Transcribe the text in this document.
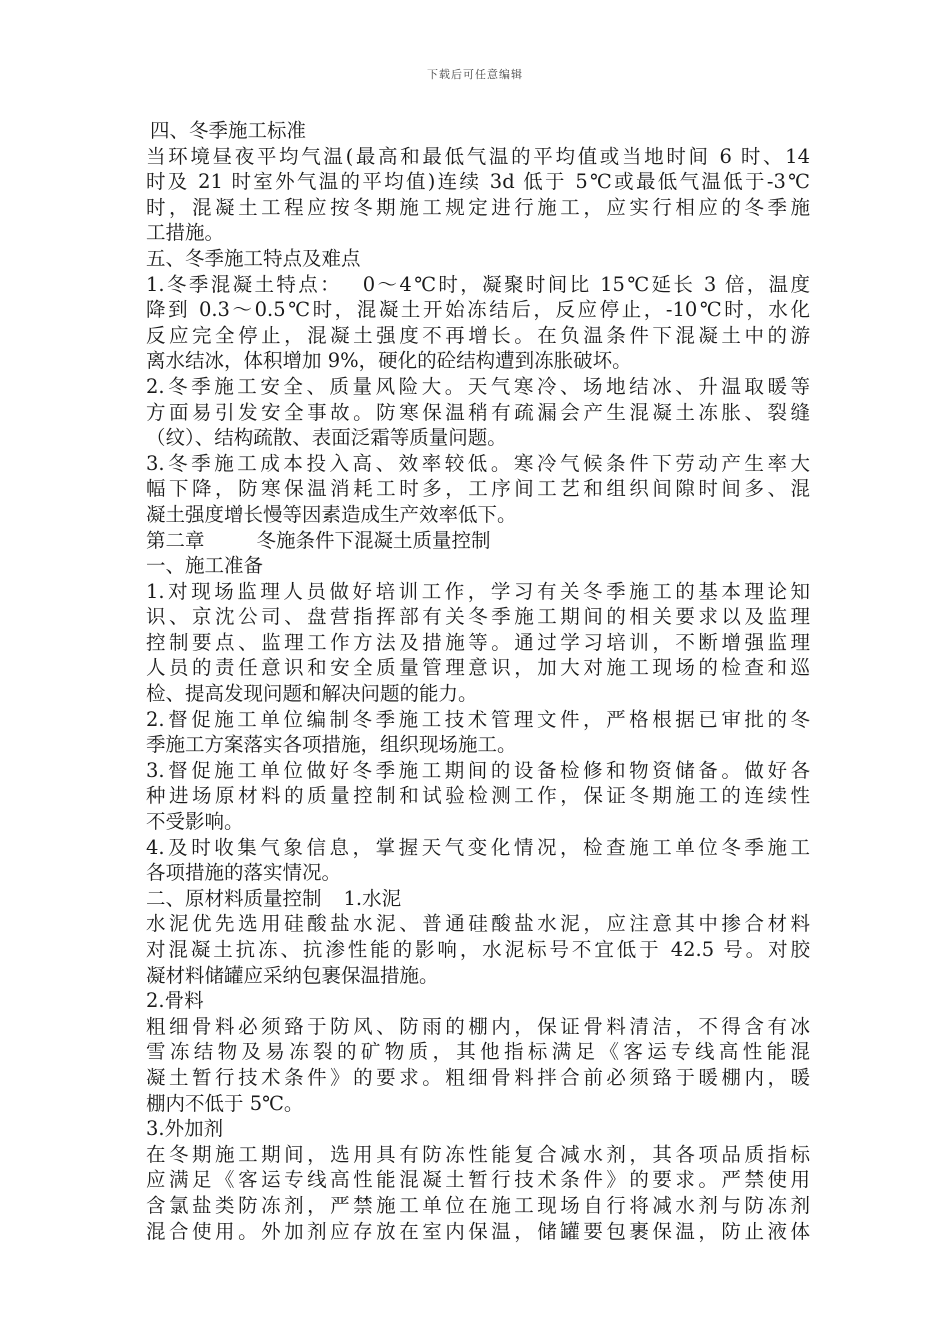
下载后可任意编辑
四、冬季施工标准
当环境昼夜平均气温(最高和最低气温的平均值或当地时间 6 时、14
时及 21 时室外气温的平均值)连续 3d 低于 5℃或最低气温低于-3℃
时，混凝土工程应按冬期施工规定进行施工，应实行相应的冬季施
工措施。
五、冬季施工特点及难点
1.冬季混凝土特点：　 0～4℃时，凝聚时间比 15℃延长 3 倍，温度
降到 0.3～0.5℃时，混凝土开始冻结后，反应停止，-10℃时，水化
反应完全停止，混凝土强度不再增长。在负温条件下混凝土中的游
离水结冰，体积增加 9%，硬化的砼结构遭到冻胀破坏。
2.冬季施工安全、质量风险大。天气寒冷、场地结冰、升温取暖等
方面易引发安全事故。防寒保温稍有疏漏会产生混凝土冻胀、裂缝
（纹）、结构疏散、表面泛霜等质量问题。
3.冬季施工成本投入高、效率较低。寒冷气候条件下劳动产生率大
幅下降，防寒保温消耗工时多，工序间工艺和组织间隙时间多、混
凝土强度增长慢等因素造成生产效率低下。
第二章	冬施条件下混凝土质量控制
一、施工准备
1.对现场监理人员做好培训工作，学习有关冬季施工的基本理论知
识、京沈公司、盘营指挥部有关冬季施工期间的相关要求以及监理
控制要点、监理工作方法及措施等。通过学习培训，不断增强监理
人员的责任意识和安全质量管理意识，加大对施工现场的检查和巡
检、提高发现问题和解决问题的能力。
2.督促施工单位编制冬季施工技术管理文件，严格根据已审批的冬
季施工方案落实各项措施，组织现场施工。
3.督促施工单位做好冬季施工期间的设备检修和物资储备。做好各
种进场原材料的质量控制和试验检测工作，保证冬期施工的连续性
不受影响。
4.及时收集气象信息，掌握天气变化情况，检查施工单位冬季施工
各项措施的落实情况。
二、原材料质量控制 1.水泥
水泥优先选用硅酸盐水泥、普通硅酸盐水泥，应注意其中掺合材料
对混凝土抗冻、抗渗性能的影响，水泥标号不宜低于 42.5 号。对胶
凝材料储罐应采纳包裹保温措施。
2.骨料
粗细骨料必须臵于防风、防雨的棚内，保证骨料清洁，不得含有冰
雪冻结物及易冻裂的矿物质，其他指标满足《客运专线高性能混
凝土暂行技术条件》的要求。粗细骨料拌合前必须臵于暖棚内，暖
棚内不低于 5℃。
3.外加剂
在冬期施工期间，选用具有防冻性能复合减水剂，其各项品质指标
应满足《客运专线高性能混凝土暂行技术条件》的要求。严禁使用
含氯盐类防冻剂，严禁施工单位在施工现场自行将减水剂与防冻剂
混合使用。外加剂应存放在室内保温，储罐要包裹保温，防止液体
